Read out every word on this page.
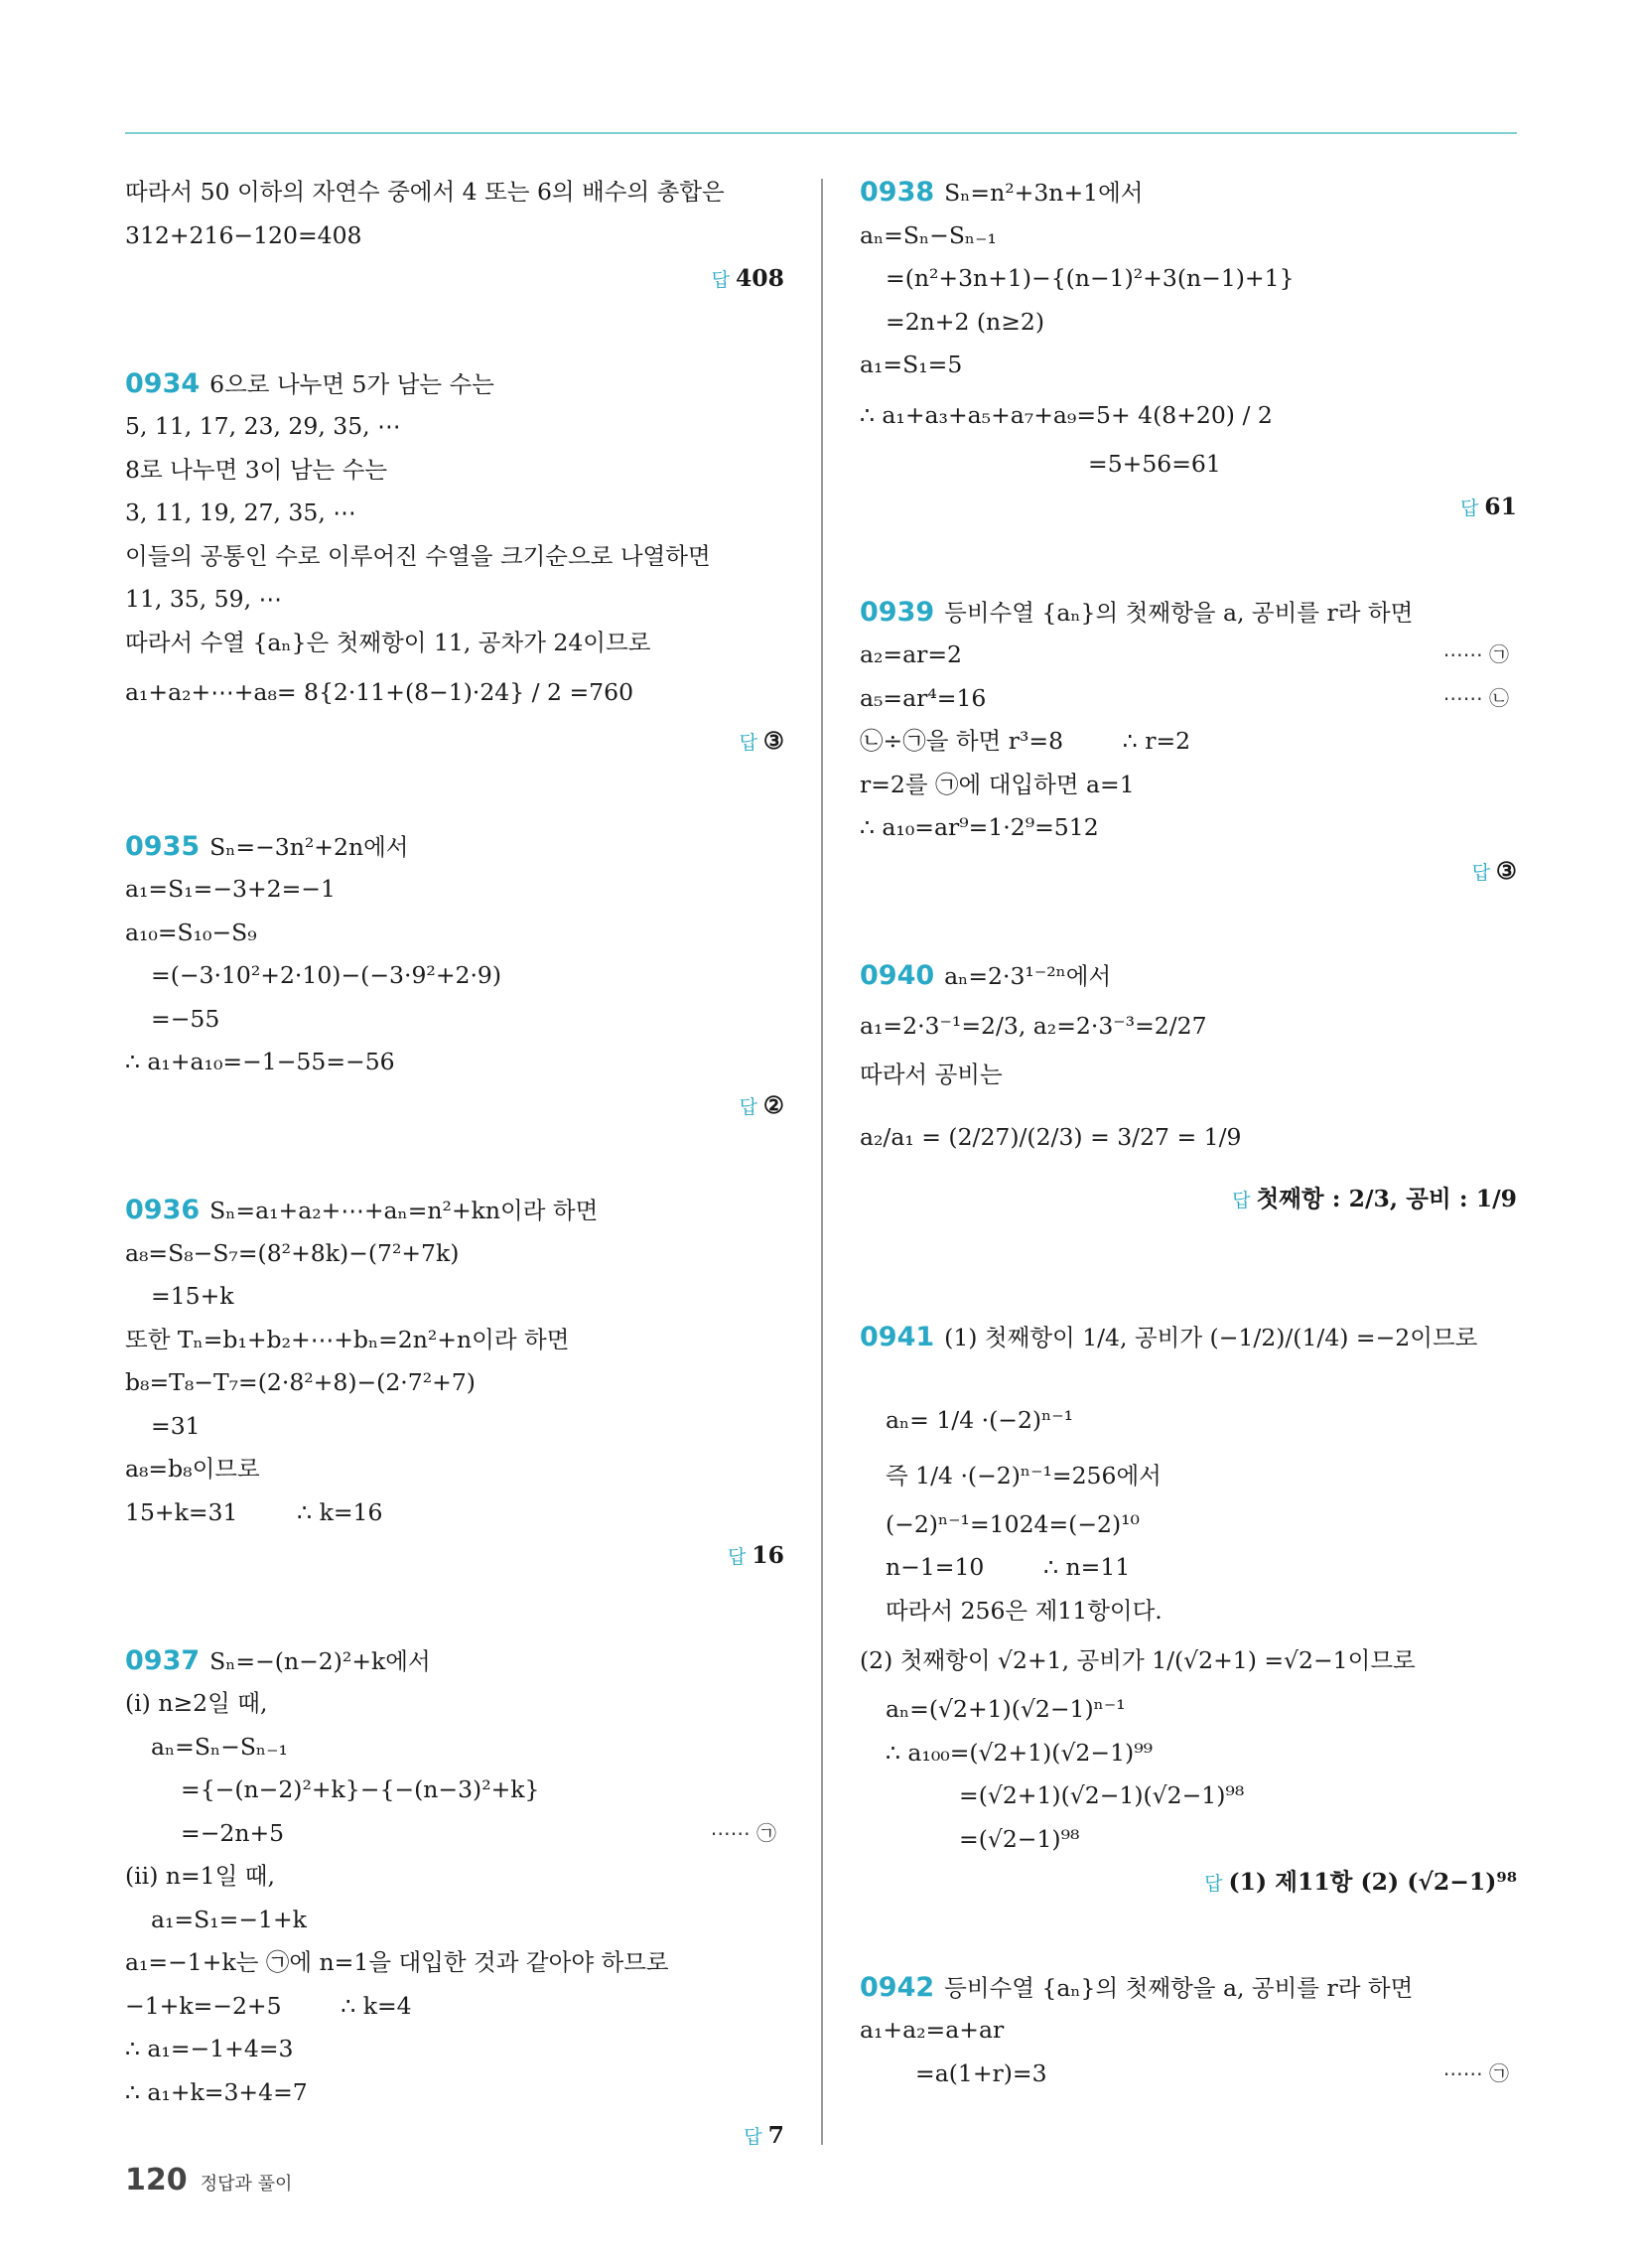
따라서 50 이하의 자연수 중에서 4 또는 6의 배수의 총합은
312+216−120=408
답 408
0934 6으로 나누면 5가 남는 수는
5, 11, 17, 23, 29, 35, ⋯
8로 나누면 3이 남는 수는
3, 11, 19, 27, 35, ⋯
이들의 공통인 수로 이루어진 수열을 크기순으로 나열하면
11, 35, 59, ⋯
따라서 수열 {aₙ}은 첫째항이 11, 공차가 24이므로
a₁+a₂+⋯+a₈= 8{2·11+(8−1)·24} / 2 =760
답 ③
0935 Sₙ=−3n²+2n에서
a₁=S₁=−3+2=−1
a₁₀=S₁₀−S₉
=(−3·10²+2·10)−(−3·9²+2·9)
=−55
∴ a₁+a₁₀=−1−55=−56
답 ②
0936 Sₙ=a₁+a₂+⋯+aₙ=n²+kn이라 하면
a₈=S₈−S₇=(8²+8k)−(7²+7k)
=15+k
또한 Tₙ=b₁+b₂+⋯+bₙ=2n²+n이라 하면
b₈=T₈−T₇=(2·8²+8)−(2·7²+7)
=31
a₈=b₈이므로
15+k=31        ∴ k=16
답 16
0937 Sₙ=−(n−2)²+k에서
(ⅰ) n≥2일 때,
aₙ=Sₙ−Sₙ₋₁
={−(n−2)²+k}−{−(n−3)²+k}
=−2n+5	⋯⋯ ㉠
(ⅱ) n=1일 때,
a₁=S₁=−1+k
a₁=−1+k는 ㉠에 n=1을 대입한 것과 같아야 하므로
−1+k=−2+5        ∴ k=4
∴ a₁=−1+4=3
∴ a₁+k=3+4=7
답 7
0938 Sₙ=n²+3n+1에서
aₙ=Sₙ−Sₙ₋₁
=(n²+3n+1)−{(n−1)²+3(n−1)+1}
=2n+2 (n≥2)
a₁=S₁=5
∴ a₁+a₃+a₅+a₇+a₉=5+ 4(8+20) / 2
=5+56=61
답 61
0939 등비수열 {aₙ}의 첫째항을 a, 공비를 r라 하면
a₂=ar=2	⋯⋯ ㉠
a₅=ar⁴=16	⋯⋯ ㉡
㉡÷㉠을 하면 r³=8        ∴ r=2
r=2를 ㉠에 대입하면 a=1
∴ a₁₀=ar⁹=1·2⁹=512
답 ③
0940 aₙ=2·3¹⁻²ⁿ에서
a₁=2·3⁻¹=2/3, a₂=2·3⁻³=2/27
따라서 공비는
a₂/a₁ = (2/27)/(2/3) = 3/27 = 1/9
답 첫째항 : 2/3, 공비 : 1/9
0941 (1) 첫째항이 1/4, 공비가 (−1/2)/(1/4) =−2이므로
aₙ= 1/4 ·(−2)ⁿ⁻¹
즉 1/4 ·(−2)ⁿ⁻¹=256에서
(−2)ⁿ⁻¹=1024=(−2)¹⁰
n−1=10        ∴ n=11
따라서 256은 제11항이다.
(2) 첫째항이 √2+1, 공비가 1/(√2+1) =√2−1이므로
aₙ=(√2+1)(√2−1)ⁿ⁻¹
∴ a₁₀₀=(√2+1)(√2−1)⁹⁹
=(√2+1)(√2−1)(√2−1)⁹⁸
=(√2−1)⁹⁸
답 (1) 제11항 (2) (√2−1)⁹⁸
0942 등비수열 {aₙ}의 첫째항을 a, 공비를 r라 하면
a₁+a₂=a+ar
=a(1+r)=3	⋯⋯ ㉠
120 정답과 풀이
